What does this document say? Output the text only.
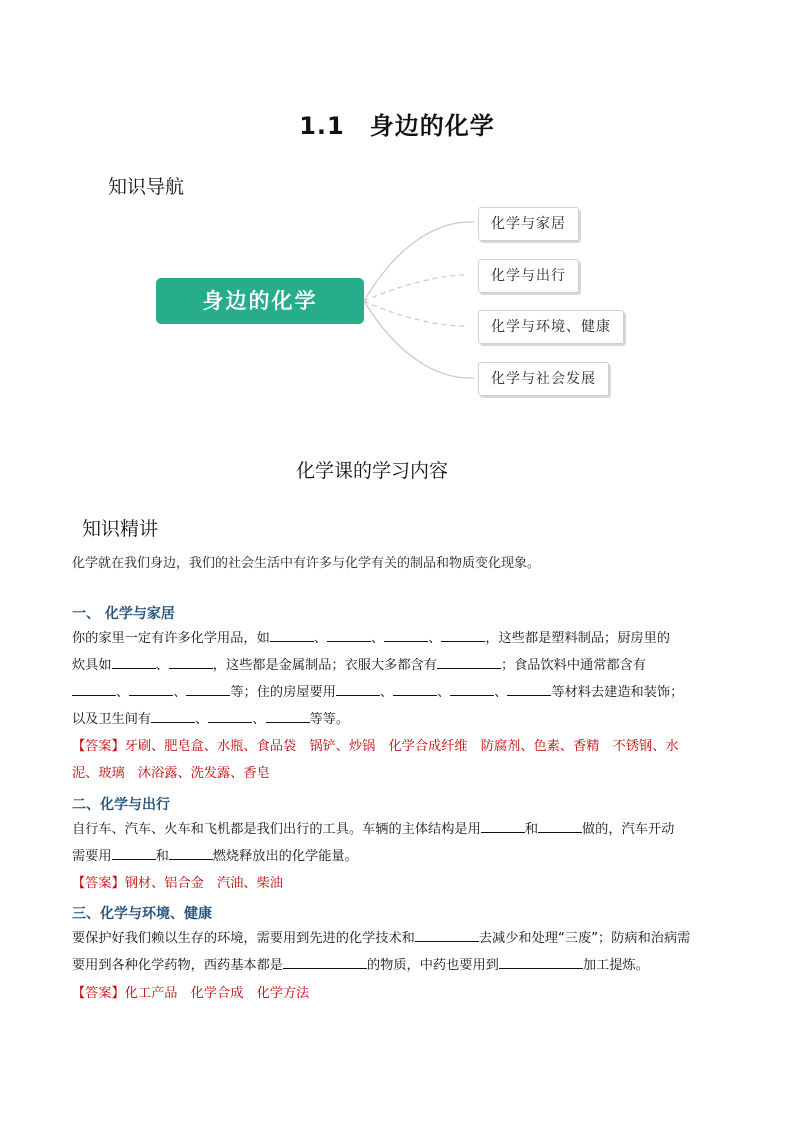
1.1　身边的化学
知识导航
身边的化学
化学与家居
化学与出行
化学与环境、健康
化学与社会发展
化学课的学习内容
知识精讲
化学就在我们身边，我们的社会生活中有许多与化学有关的制品和物质变化现象。
一、 化学与家居
你的家里一定有许多化学用品，如	、	、	、	，这些都是塑料制品；厨房里的
炊具如	、	，这些都是金属制品；衣服大多都含有	；食品饮料中通常都含有
、	、	等；住的房屋要用	、	、	、	等材料去建造和装饰；
以及卫生间有	、	、	等等。
【答案】牙刷、肥皂盒、水瓶、食品袋　锅铲、炒锅　化学合成纤维　防腐剂、色素、香精　不锈钢、水
泥、玻璃　沐浴露、洗发露、香皂
二、化学与出行
自行车、汽车、火车和飞机都是我们出行的工具。车辆的主体结构是用	和	做的，汽车开动
需要用	和	燃烧释放出的化学能量。
【答案】钢材、铝合金　汽油、柴油
三、化学与环境、健康
要保护好我们赖以生存的环境，需要用到先进的化学技术和	去减少和处理“三废”；防病和治病需
要用到各种化学药物，西药基本都是	的物质，中药也要用到	加工提炼。
【答案】化工产品　化学合成　化学方法
